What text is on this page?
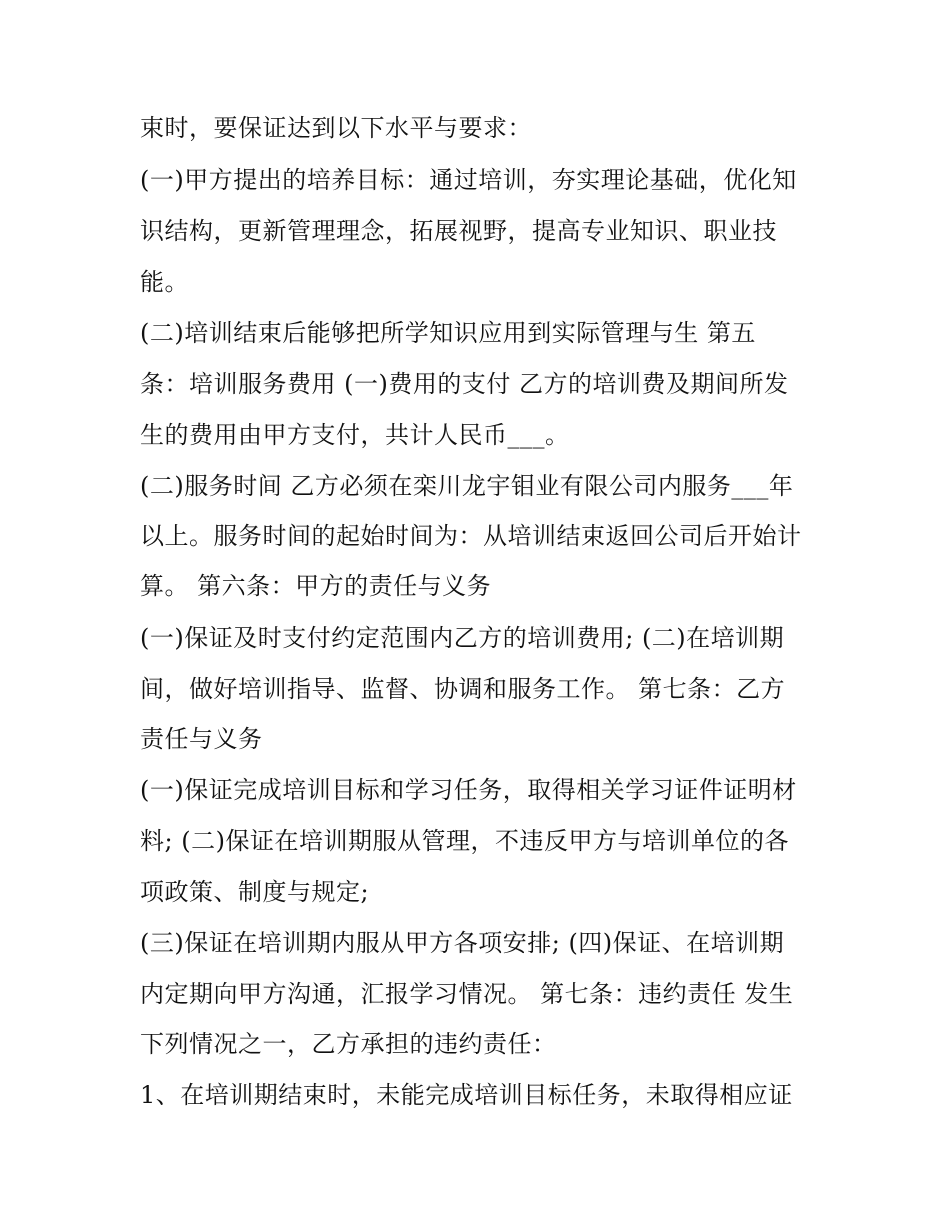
束时，要保证达到以下水平与要求：
(一)甲方提出的培养目标：通过培训，夯实理论基础，优化知
识结构，更新管理理念，拓展视野，提高专业知识、职业技
能。
(二)培训结束后能够把所学知识应用到实际管理与生 第五
条：培训服务费用 (一)费用的支付 乙方的培训费及期间所发
生的费用由甲方支付，共计人民币___。
(二)服务时间 乙方必须在栾川龙宇钼业有限公司内服务___年
以上。服务时间的起始时间为：从培训结束返回公司后开始计
算。 第六条：甲方的责任与义务
(一)保证及时支付约定范围内乙方的培训费用; (二)在培训期
间，做好培训指导、监督、协调和服务工作。 第七条：乙方
责任与义务
(一)保证完成培训目标和学习任务，取得相关学习证件证明材
料; (二)保证在培训期服从管理，不违反甲方与培训单位的各
项政策、制度与规定;
(三)保证在培训期内服从甲方各项安排; (四)保证、在培训期
内定期向甲方沟通，汇报学习情况。 第七条：违约责任 发生
下列情况之一，乙方承担的违约责任：
1、在培训期结束时，未能完成培训目标任务，未取得相应证
